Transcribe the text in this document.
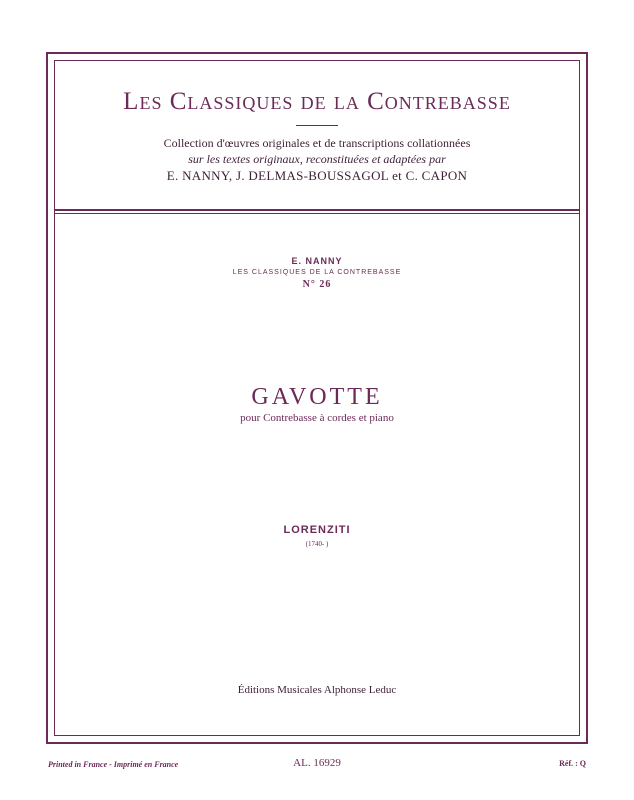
Les Classiques de la Contrebasse
Collection d'œuvres originales et de transcriptions collationnées
sur les textes originaux, reconstituées et adaptées par
E. NANNY, J. DELMAS-BOUSSAGOL et C. CAPON
E. NANNY
LES CLASSIQUES DE LA CONTREBASSE
N° 26
GAVOTTE
pour Contrebasse à cordes et piano
LORENZITI
(1740- )
Éditions Musicales Alphonse Leduc
Printed in France - Imprimé en France	AL. 16929	Réf. : Q
